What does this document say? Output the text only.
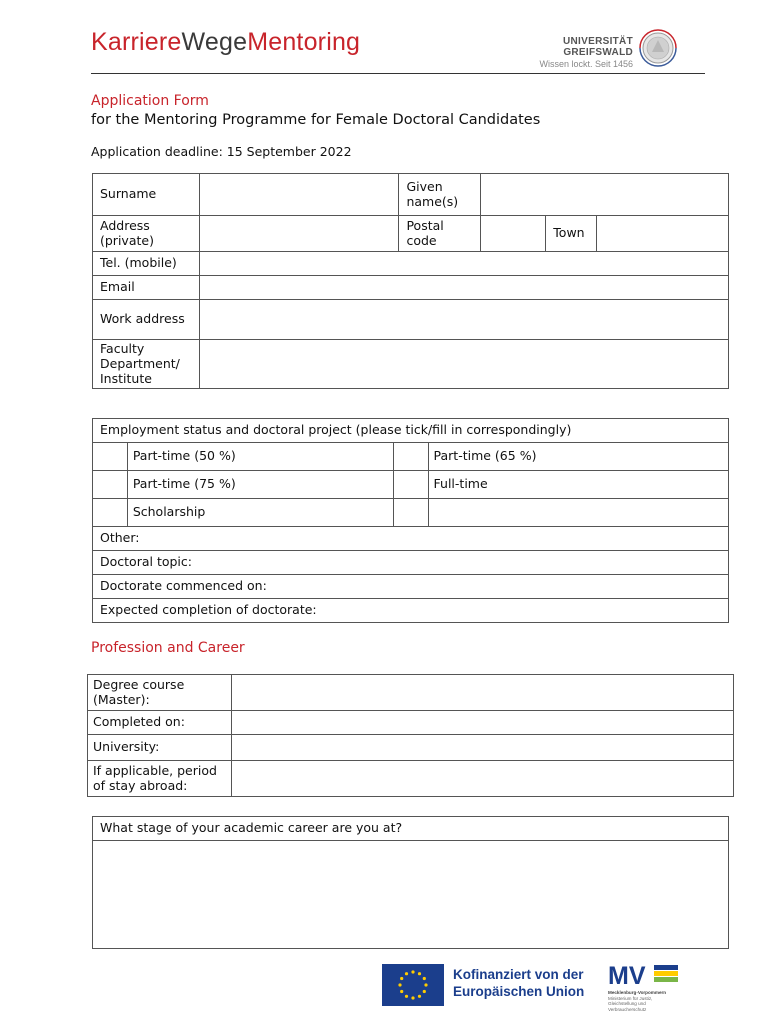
KarriereWegeMentoring	UNIVERSITÄT GREIFSWALD
Wissen lockt. Seit 1456
Application Form
for the Mentoring Programme for Female Doctoral Candidates
Application deadline: 15 September 2022
Surname		Given name(s)			
Address (private)		Postal code		Town	
Tel. (mobile)					
Email					
Work address					
Faculty Department/ Institute					
Employment status and doctoral project (please tick/fill in correspondingly)			
	Part-time (50 %)		Part-time (65 %)
	Part-time (75 %)		Full-time
	Scholarship		
Other:			
Doctoral topic:			
Doctorate commenced on:			
Expected completion of doctorate:			
Profession and Career
Degree course (Master):	
Completed on:	
University:	
If applicable, period of stay abroad:	
What stage of your academic career are you at?

Kofinanziert von der
Europäischen Union
MV
Mecklenburg-Vorpommern
Ministerium für Justiz,
Gleichstellung und
Verbraucherschutz
